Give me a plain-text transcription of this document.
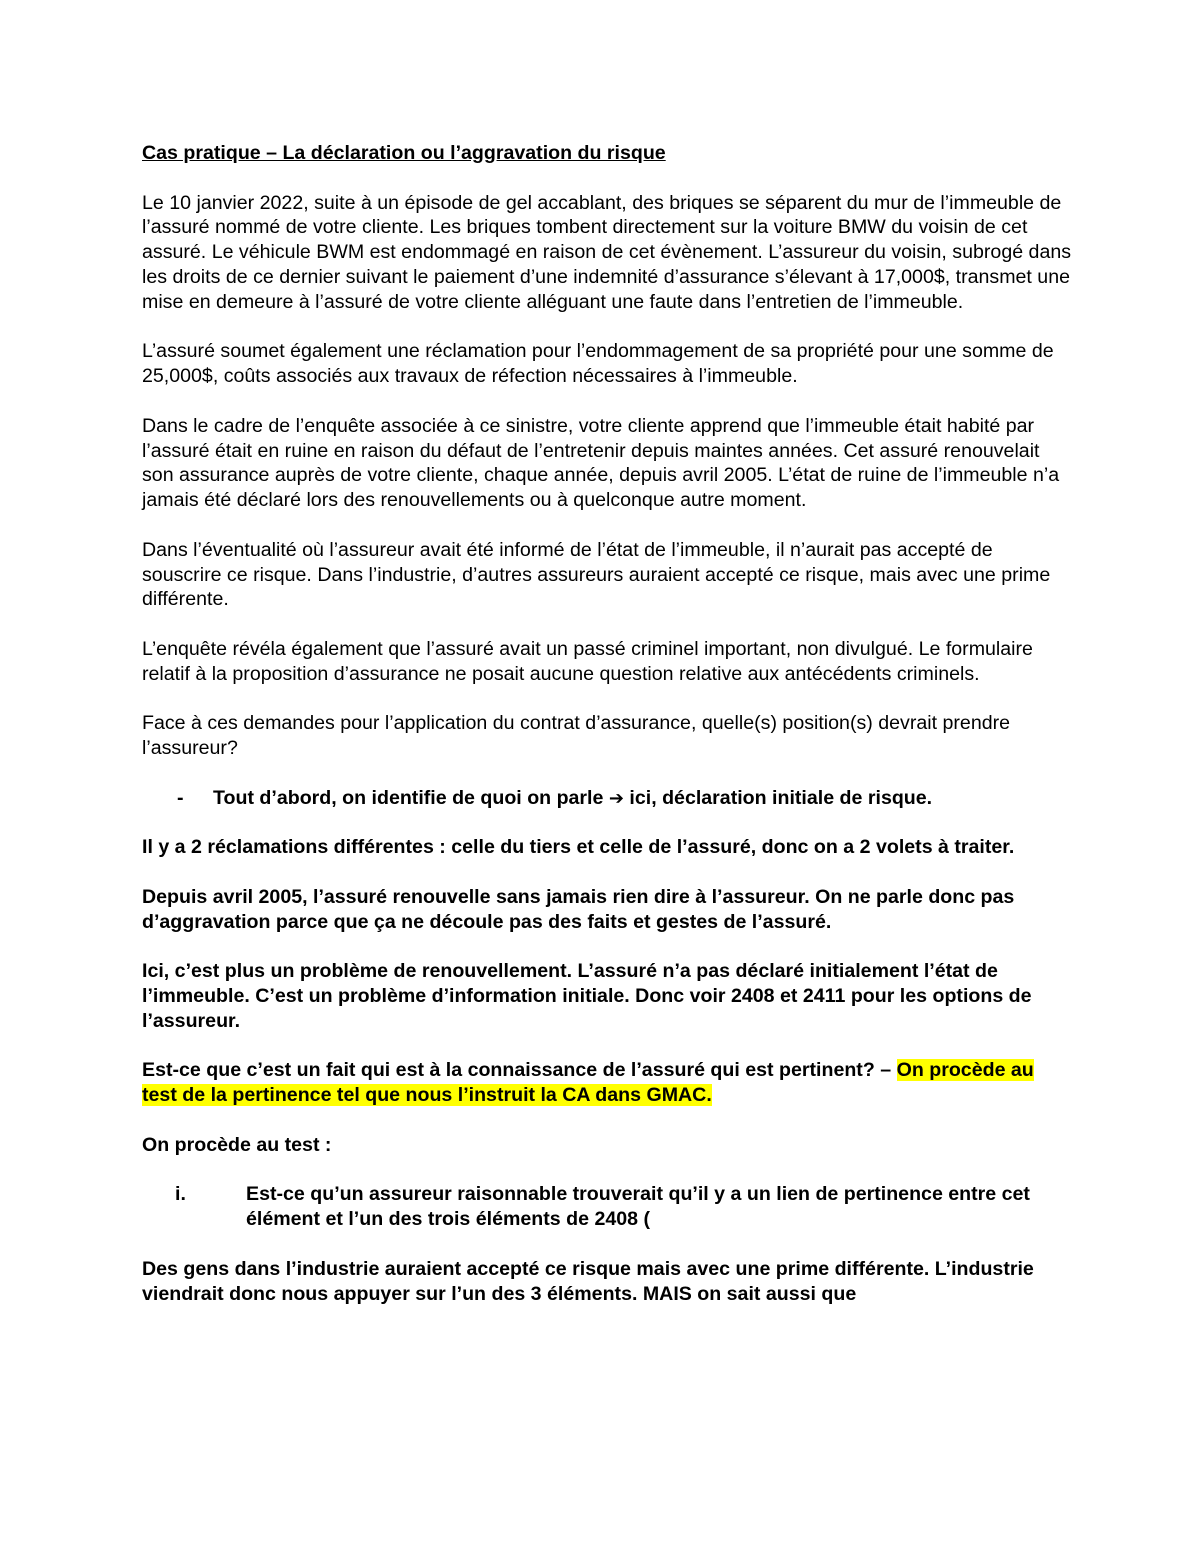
Cas pratique – La déclaration ou l’aggravation du risque

Le 10 janvier 2022, suite à un épisode de gel accablant, des briques se séparent du mur de l’immeuble de l’assuré nommé de votre cliente. Les briques tombent directement sur la voiture BMW du voisin de cet assuré. Le véhicule BWM est endommagé en raison de cet évènement. L’assureur du voisin, subrogé dans les droits de ce dernier suivant le paiement d’une indemnité d’assurance s’élevant à 17,000$, transmet une mise en demeure à l’assuré de votre cliente alléguant une faute dans l’entretien de l’immeuble.

L’assuré soumet également une réclamation pour l’endommagement de sa propriété pour une somme de 25,000$, coûts associés aux travaux de réfection nécessaires à l’immeuble.

Dans le cadre de l’enquête associée à ce sinistre, votre cliente apprend que l’immeuble était habité par l’assuré était en ruine en raison du défaut de l’entretenir depuis maintes années. Cet assuré renouvelait son assurance auprès de votre cliente, chaque année, depuis avril 2005. L’état de ruine de l’immeuble n’a jamais été déclaré lors des renouvellements ou à quelconque autre moment.

Dans l’éventualité où l’assureur avait été informé de l’état de l’immeuble, il n’aurait pas accepté de souscrire ce risque. Dans l’industrie, d’autres assureurs auraient accepté ce risque, mais avec une prime différente.

L’enquête révéla également que l’assuré avait un passé criminel important, non divulgué. Le formulaire relatif à la proposition d’assurance ne posait aucune question relative aux antécédents criminels.

Face à ces demandes pour l’application du contrat d’assurance, quelle(s) position(s) devrait prendre l’assureur?

- Tout d’abord, on identifie de quoi on parle ➔ ici, déclaration initiale de risque.

Il y a 2 réclamations différentes : celle du tiers et celle de l’assuré, donc on a 2 volets à traiter.

Depuis avril 2005, l’assuré renouvelle sans jamais rien dire à l’assureur. On ne parle donc pas d’aggravation parce que ça ne découle pas des faits et gestes de l’assuré.

Ici, c’est plus un problème de renouvellement. L’assuré n’a pas déclaré initialement l’état de l’immeuble. C’est un problème d’information initiale. Donc voir 2408 et 2411 pour les options de l’assureur.

Est-ce que c’est un fait qui est à la connaissance de l’assuré qui est pertinent? – On procède au test de la pertinence tel que nous l’instruit la CA dans GMAC.

On procède au test :

i.	Est-ce qu’un assureur raisonnable trouverait qu’il y a un lien de pertinence entre cet élément et l’un des trois éléments de 2408 (

Des gens dans l’industrie auraient accepté ce risque mais avec une prime différente. L’industrie viendrait donc nous appuyer sur l’un des 3 éléments. MAIS on sait aussi que
